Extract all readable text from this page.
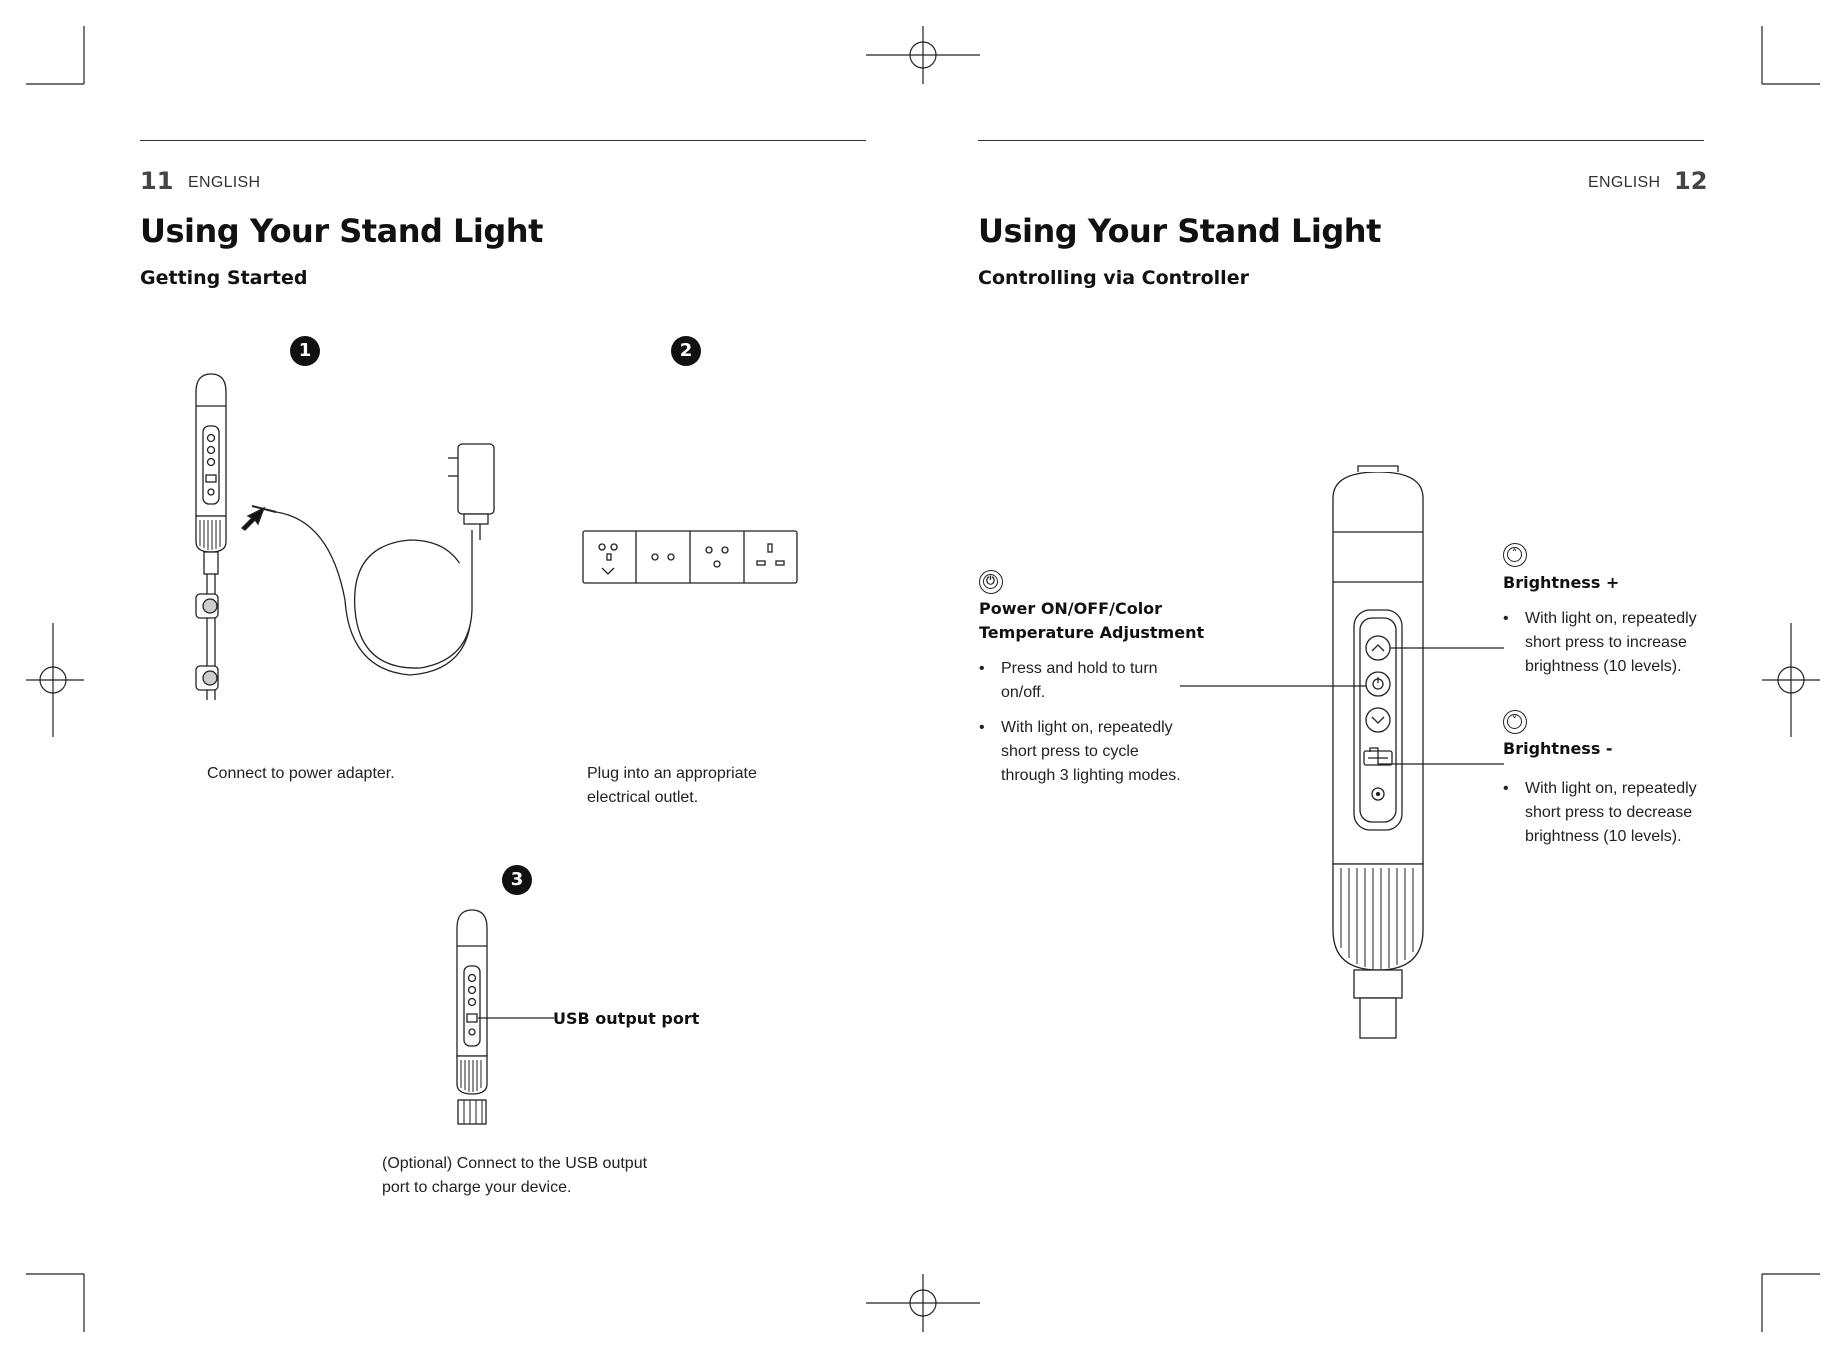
11 ENGLISH
Using Your Stand Light
Getting Started
1	2
3
Connect to power adapter.	Plug into an appropriate
electrical outlet.
USB output port
(Optional) Connect to the USB output
port to charge your device.
ENGLISH 12
Using Your Stand Light
Controlling via Controller
⏻
Power ON/OFF/Color
Temperature Adjustment
• Press and hold to turn
on/off.
• With light on, repeatedly
short press to cycle
through 3 lighting modes.
˄
Brightness +
• With light on, repeatedly
short press to increase
brightness (10 levels).
˅
Brightness -
• With light on, repeatedly
short press to decrease
brightness (10 levels).
